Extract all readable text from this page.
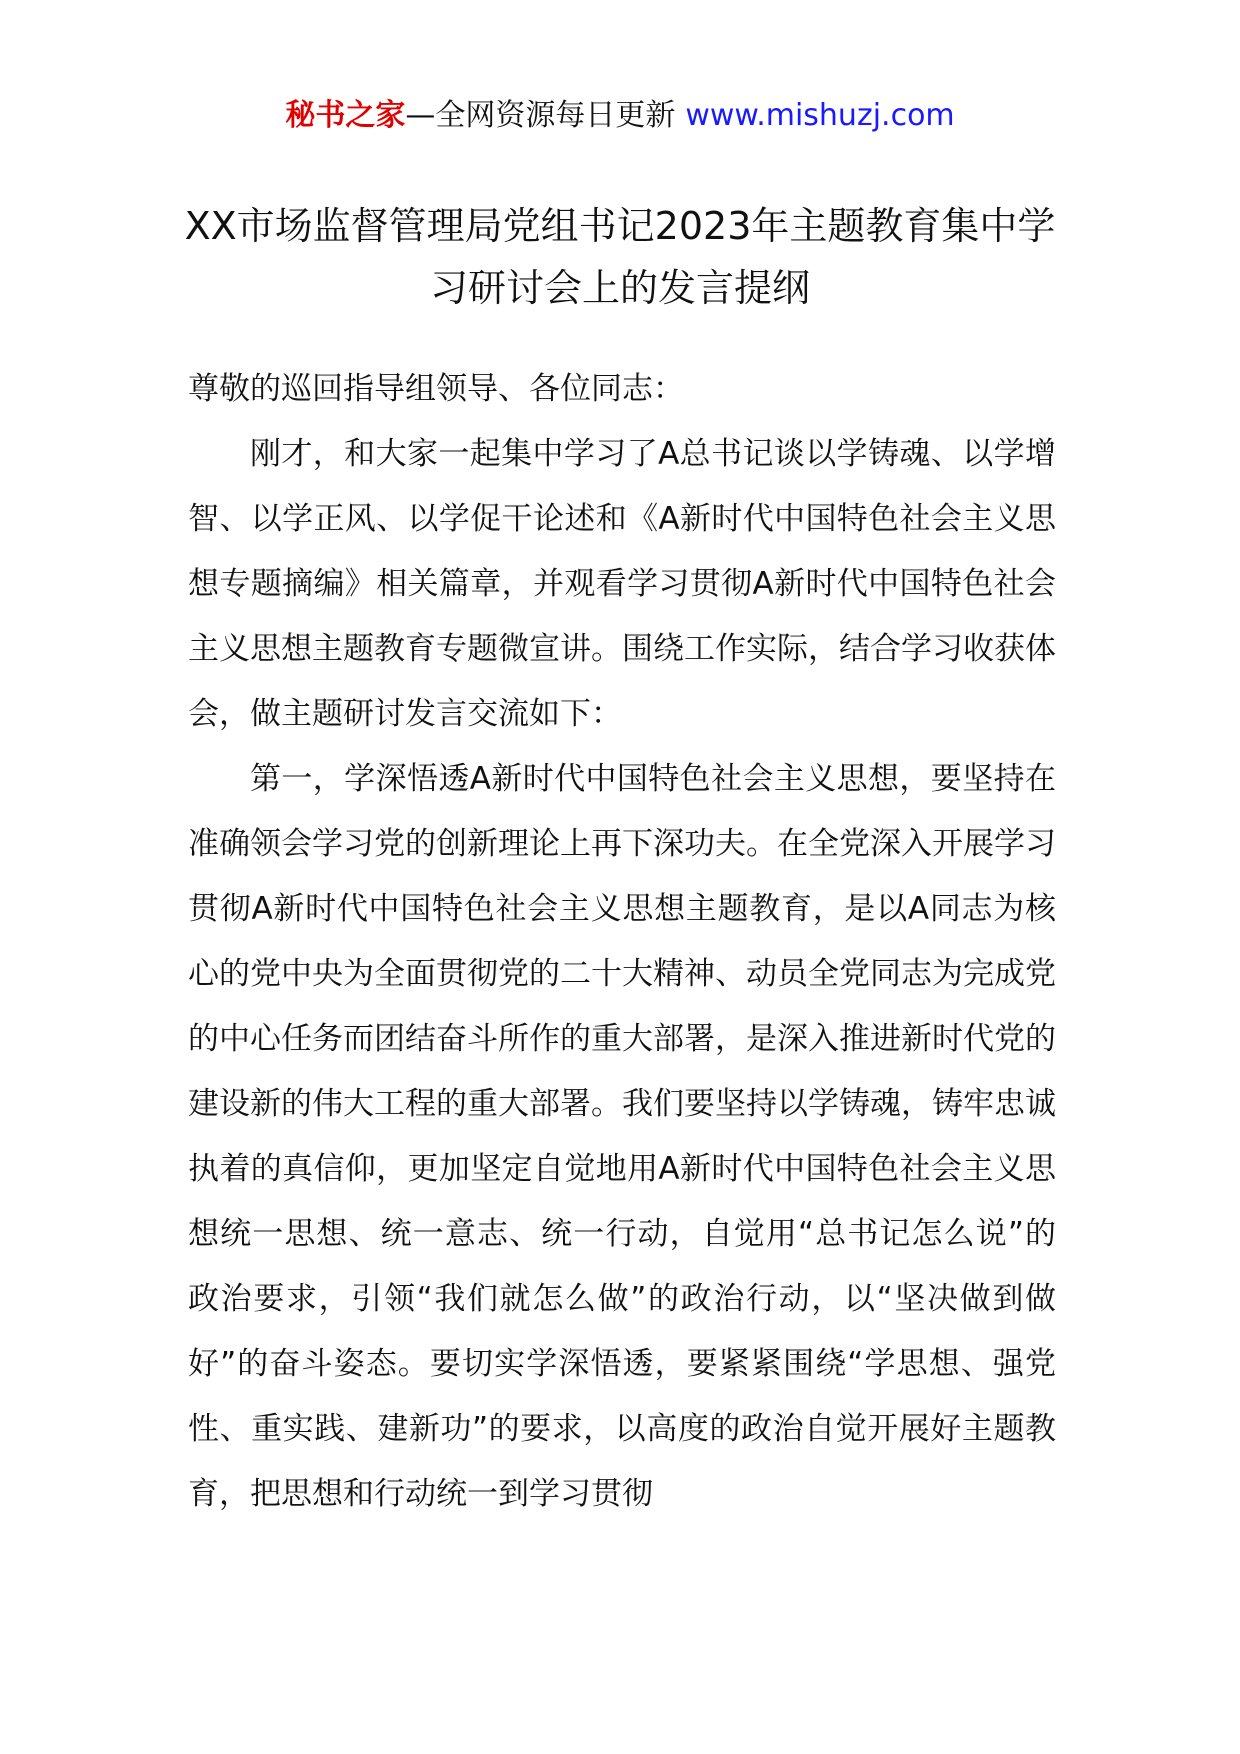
秘书之家—全网资源每日更新 www.mishuzj.com
XX市场监督管理局党组书记2023年主题教育集中学习研讨会上的发言提纲

尊敬的巡回指导组领导、各位同志：

刚才，和大家一起集中学习了A总书记谈以学铸魂、以学增智、以学正风、以学促干论述和《A新时代中国特色社会主义思想专题摘编》相关篇章，并观看学习贯彻A新时代中国特色社会主义思想主题教育专题微宣讲。围绕工作实际，结合学习收获体会，做主题研讨发言交流如下：

第一，学深悟透A新时代中国特色社会主义思想，要坚持在准确领会学习党的创新理论上再下深功夫。在全党深入开展学习贯彻A新时代中国特色社会主义思想主题教育，是以A同志为核心的党中央为全面贯彻党的二十大精神、动员全党同志为完成党的中心任务而团结奋斗所作的重大部署，是深入推进新时代党的建设新的伟大工程的重大部署。我们要坚持以学铸魂，铸牢忠诚执着的真信仰，更加坚定自觉地用A新时代中国特色社会主义思想统一思想、统一意志、统一行动，自觉用“总书记怎么说”的政治要求，引领“我们就怎么做”的政治行动，以“坚决做到做好”的奋斗姿态。要切实学深悟透，要紧紧围绕“学思想、强党性、重实践、建新功”的要求，以高度的政治自觉开展好主题教育，把思想和行动统一到学习贯彻
